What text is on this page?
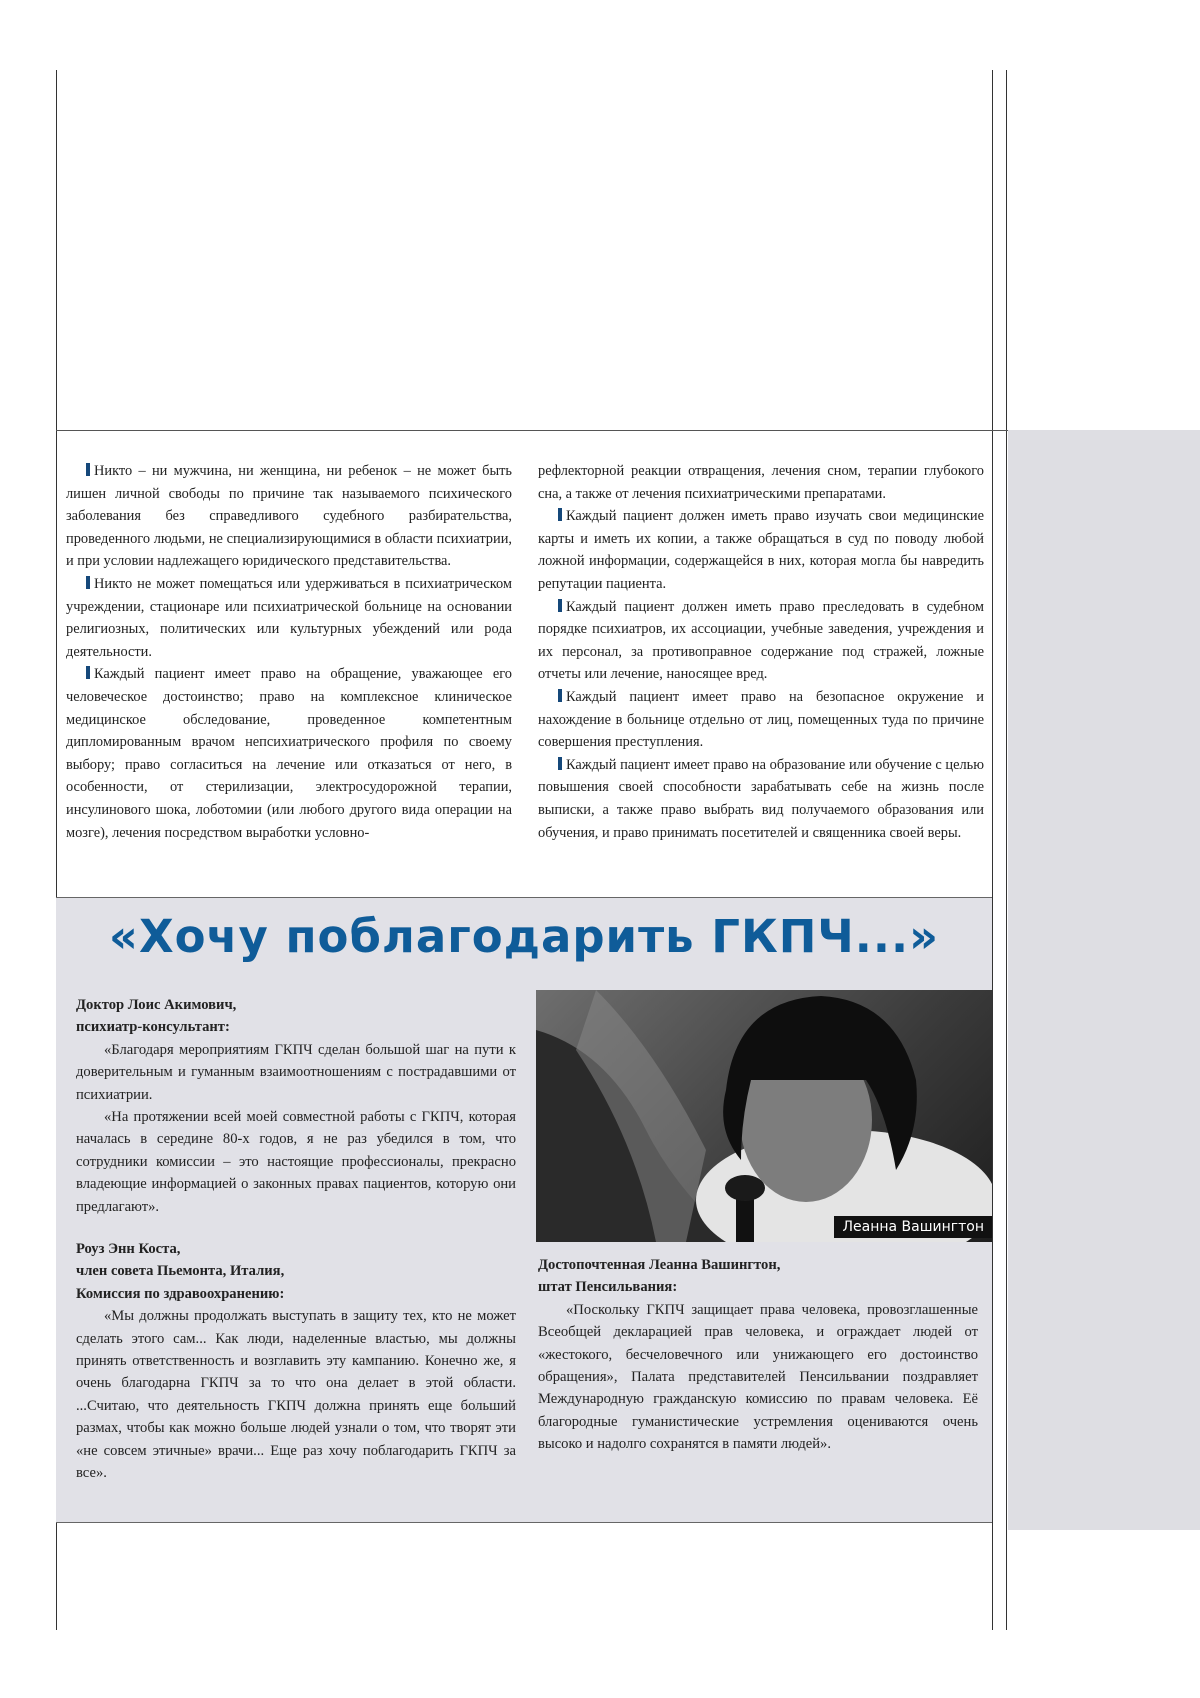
Никто – ни мужчина, ни женщина, ни ребенок – не может быть лишен личной свободы по причине так называемого психического заболевания без справедливого судебного разбирательства, проведенного людьми, не специализирующимися в области психиатрии, и при условии надлежащего юридического представительства.

Никто не может помещаться или удерживаться в психиатрическом учреждении, стационаре или психиатрической больнице на основании религиозных, политических или культурных убеждений или рода деятельности.

Каждый пациент имеет право на обращение, уважающее его человеческое достоинство; право на комплексное клиническое медицинское обследование, проведенное компетентным дипломированным врачом непсихиатрического профиля по своему выбору; право согласиться на лечение или отказаться от него, в особенности, от стерилизации, электросудорожной терапии, инсулинового шока, лоботомии (или любого другого вида операции на мозге), лечения посредством выработки условно-

рефлекторной реакции отвращения, лечения сном, терапии глубокого сна, а также от лечения психиатрическими препаратами.

Каждый пациент должен иметь право изучать свои медицинские карты и иметь их копии, а также обращаться в суд по поводу любой ложной информации, содержащейся в них, которая могла бы навредить репутации пациента.

Каждый пациент должен иметь право преследовать в судебном порядке психиатров, их ассоциации, учебные заведения, учреждения и их персонал, за противоправное содержание под стражей, ложные отчеты или лечение, наносящее вред.

Каждый пациент имеет право на безопасное окружение и нахождение в больнице отдельно от лиц, помещенных туда по причине совершения преступления.

Каждый пациент имеет право на образование или обучение с целью повышения своей способности зарабатывать себе на жизнь после выписки, а также право выбрать вид получаемого образования или обучения, и право принимать посетителей и священника своей веры.

«Хочу поблагодарить ГКПЧ...»

Доктор Лоис Акимович,

психиатр-консультант:

«Благодаря мероприятиям ГКПЧ сделан большой шаг на пути к доверительным и гуманным взаимоотношениям с пострадавшими от психиатрии.

«На протяжении всей моей совместной работы с ГКПЧ, которая началась в середине 80-х годов, я не раз убедился в том, что сотрудники комиссии – это настоящие профессионалы, прекрасно владеющие информацией о законных правах пациентов, которую они предлагают».

Роуз Энн Коста,

член совета Пьемонта, Италия,

Комиссия по здравоохранению:

«Мы должны продолжать выступать в защиту тех, кто не может сделать этого сам... Как люди, наделенные властью, мы должны принять ответственность и возглавить эту кампанию. Конечно же, я очень благодарна ГКПЧ за то что она делает в этой области. ...Считаю, что деятельность ГКПЧ должна принять еще больший размах, чтобы как можно больше людей узнали о том, что творят эти «не совсем этичные» врачи... Еще раз хочу поблагодарить ГКПЧ за все».

Леанна Вашингтон

Достопочтенная Леанна Вашингтон,

штат Пенсильвания:

«Поскольку ГКПЧ защищает права человека, провозглашенные Всеобщей декларацией прав человека, и ограждает людей от «жестокого, бесчеловечного или унижающего его достоинство обращения», Палата представителей Пенсильвании поздравляет Международную гражданскую комиссию по правам человека. Её благородные гуманистические устремления оцениваются очень высоко и надолго сохранятся в памяти людей».
